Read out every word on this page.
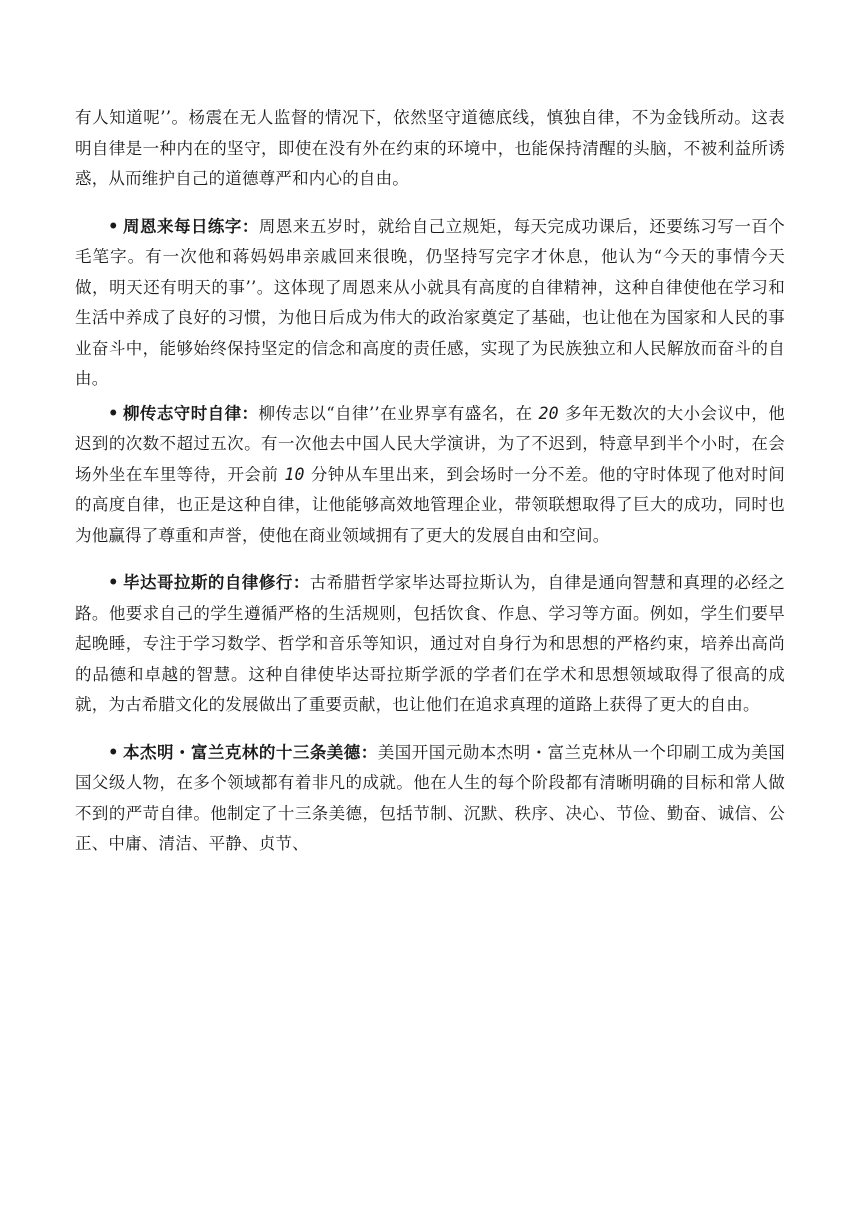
有人知道呢’’。杨震在无人监督的情况下，依然坚守道德底线，慎独自律，不为金钱所动。这表明自律是一种内在的坚守，即使在没有外在约束的环境中，也能保持清醒的头脑，不被利益所诱惑，从而维护自己的道德尊严和内心的自由。

• 周恩来每日练字：周恩来五岁时，就给自己立规矩，每天完成功课后，还要练习写一百个毛笔字。有一次他和蒋妈妈串亲戚回来很晚，仍坚持写完字才休息，他认为“今天的事情今天做，明天还有明天的事’’。这体现了周恩来从小就具有高度的自律精神，这种自律使他在学习和生活中养成了良好的习惯，为他日后成为伟大的政治家奠定了基础，也让他在为国家和人民的事业奋斗中，能够始终保持坚定的信念和高度的责任感，实现了为民族独立和人民解放而奋斗的自由。

• 柳传志守时自律：柳传志以“自律’’在业界享有盛名，在 20 多年无数次的大小会议中，他迟到的次数不超过五次。有一次他去中国人民大学演讲，为了不迟到，特意早到半个小时，在会场外坐在车里等待，开会前 10 分钟从车里出来，到会场时一分不差。他的守时体现了他对时间的高度自律，也正是这种自律，让他能够高效地管理企业，带领联想取得了巨大的成功，同时也为他赢得了尊重和声誉，使他在商业领域拥有了更大的发展自由和空间。

• 毕达哥拉斯的自律修行：古希腊哲学家毕达哥拉斯认为，自律是通向智慧和真理的必经之路。他要求自己的学生遵循严格的生活规则，包括饮食、作息、学习等方面。例如，学生们要早起晚睡，专注于学习数学、哲学和音乐等知识，通过对自身行为和思想的严格约束，培养出高尚的品德和卓越的智慧。这种自律使毕达哥拉斯学派的学者们在学术和思想领域取得了很高的成就，为古希腊文化的发展做出了重要贡献，也让他们在追求真理的道路上获得了更大的自由。

• 本杰明・富兰克林的十三条美德：美国开国元勋本杰明・富兰克林从一个印刷工成为美国国父级人物，在多个领域都有着非凡的成就。他在人生的每个阶段都有清晰明确的目标和常人做不到的严苛自律。他制定了十三条美德，包括节制、沉默、秩序、决心、节俭、勤奋、诚信、公正、中庸、清洁、平静、贞节、
